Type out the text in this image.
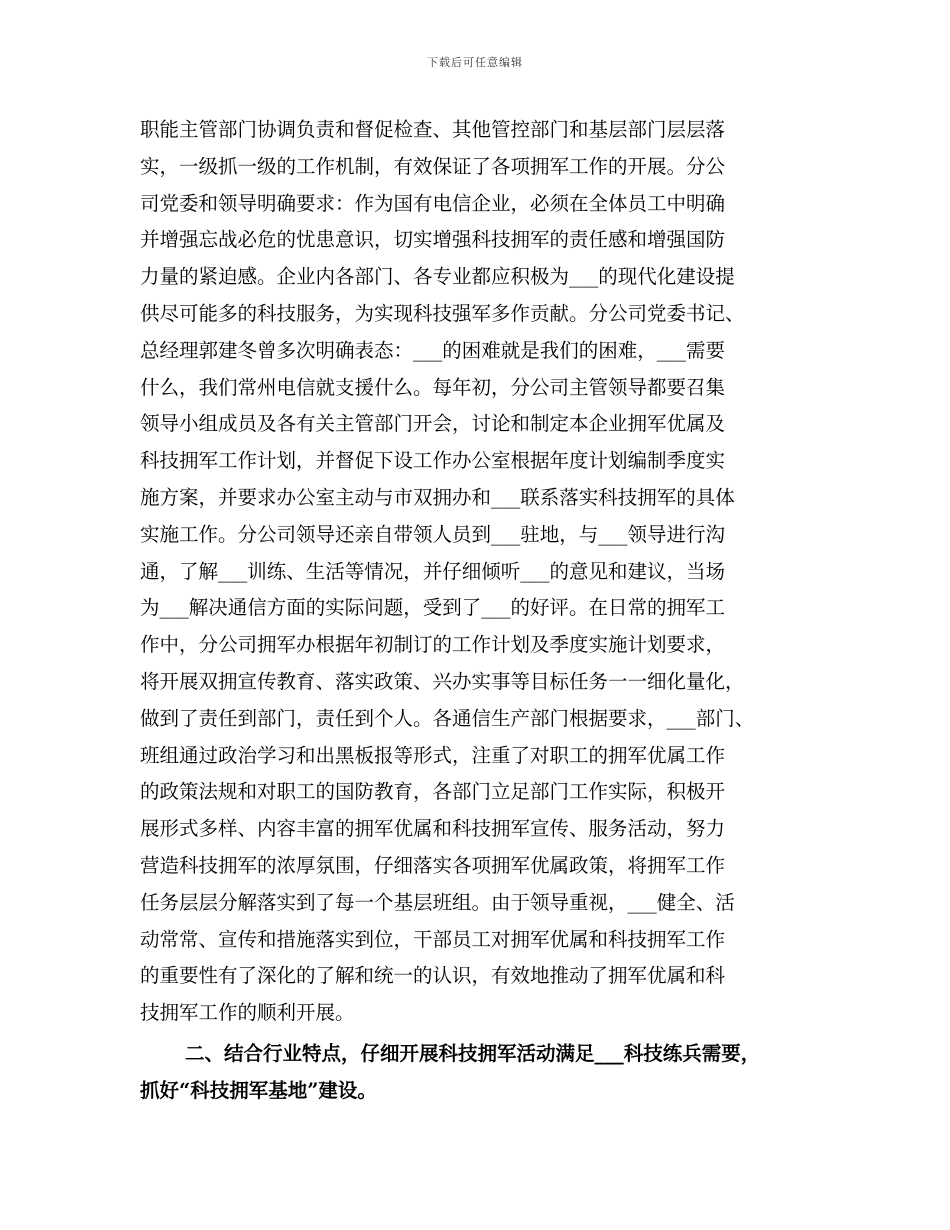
下载后可任意编辑
职能主管部门协调负责和督促检查、其他管控部门和基层部门层层落
实，一级抓一级的工作机制，有效保证了各项拥军工作的开展。分公
司党委和领导明确要求：作为国有电信企业，必须在全体员工中明确
并增强忘战必危的忧患意识，切实增强科技拥军的责任感和增强国防
力量的紧迫感。企业内各部门、各专业都应积极为___的现代化建设提
供尽可能多的科技服务，为实现科技强军多作贡献。分公司党委书记、
总经理郭建冬曾多次明确表态：___的困难就是我们的困难，___需要
什么，我们常州电信就支援什么。每年初，分公司主管领导都要召集
领导小组成员及各有关主管部门开会，讨论和制定本企业拥军优属及
科技拥军工作计划，并督促下设工作办公室根据年度计划编制季度实
施方案，并要求办公室主动与市双拥办和___联系落实科技拥军的具体
实施工作。分公司领导还亲自带领人员到___驻地，与___领导进行沟
通，了解___训练、生活等情况，并仔细倾听___的意见和建议，当场
为___解决通信方面的实际问题，受到了___的好评。在日常的拥军工
作中，分公司拥军办根据年初制订的工作计划及季度实施计划要求，
将开展双拥宣传教育、落实政策、兴办实事等目标任务一一细化量化，
做到了责任到部门，责任到个人。各通信生产部门根据要求，___部门、
班组通过政治学习和出黑板报等形式，注重了对职工的拥军优属工作
的政策法规和对职工的国防教育，各部门立足部门工作实际，积极开
展形式多样、内容丰富的拥军优属和科技拥军宣传、服务活动，努力
营造科技拥军的浓厚氛围，仔细落实各项拥军优属政策，将拥军工作
任务层层分解落实到了每一个基层班组。由于领导重视，___健全、活
动常常、宣传和措施落实到位，干部员工对拥军优属和科技拥军工作
的重要性有了深化的了解和统一的认识，有效地推动了拥军优属和科
技拥军工作的顺利开展。
二、结合行业特点，仔细开展科技拥军活动满足___科技练兵需要，
抓好“科技拥军基地”建设。
